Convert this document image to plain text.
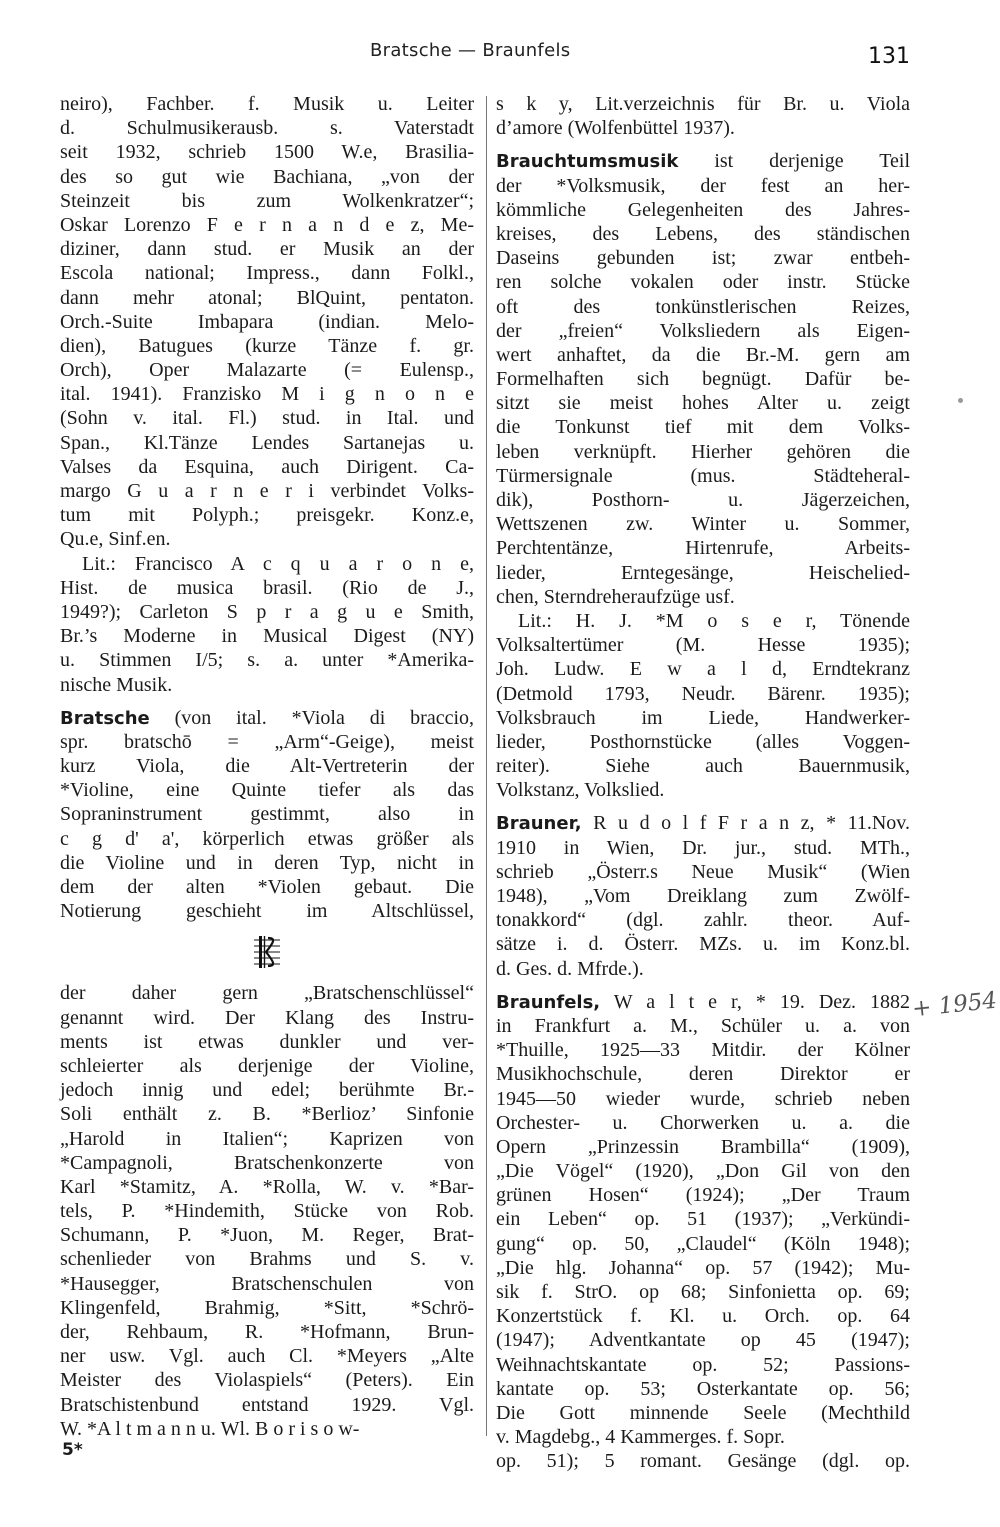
Bratsche — Braunfels	131
neiro), Fachber. f. Musik u. Leiter
d. Schulmusikerausb. s. Vaterstadt
seit 1932, schrieb 1500 W.e, Brasilia-
des so gut wie Bachiana, „von der
Steinzeit bis zum Wolkenkratzer“;
Oskar Lorenzo F e r n a n d e z, Me-
diziner, dann stud. er Musik an der
Escola national; Impress., dann Folkl.,
dann mehr atonal; BlQuint, pentaton.
Orch.-Suite Imbapara (indian. Melo-
dien), Batugues (kurze Tänze f. gr.
Orch), Oper Malazarte (= Eulensp.,
ital. 1941). Franzisko M i g n o n e
(Sohn v. ital. Fl.) stud. in Ital. und
Span., Kl.Tänze Lendes Sartanejas u.
Valses da Esquina, auch Dirigent. Ca-
margo G u a r n e r i verbindet Volks-
tum mit Polyph.; preisgekr. Konz.e,
Qu.e, Sinf.en.
Lit.: Francisco A c q u a r o n e,
Hist. de musica brasil. (Rio de J.,
1949?); Carleton S p r a g u e Smith,
Br.’s Moderne in Musical Digest (NY)
u. Stimmen I/5; s. a. unter *Amerika-
nische Musik.
Bratsche (von ital. *Viola di braccio,
spr. bratschō = „Arm“-Geige), meist
kurz Viola, die Alt-Vertreterin der
*Violine, eine Quinte tiefer als das
Sopraninstrument gestimmt, also in
c g d' a', körperlich etwas größer als
die Violine und in deren Typ, nicht in
dem der alten *Violen gebaut. Die
Notierung geschieht im Altschlüssel,
der daher gern „Bratschenschlüssel“
genannt wird. Der Klang des Instru-
ments ist etwas dunkler und ver-
schleierter als derjenige der Violine,
jedoch innig und edel; berühmte Br.-
Soli enthält z. B. *Berlioz’ Sinfonie
„Harold in Italien“; Kaprizen von
*Campagnoli, Bratschenkonzerte von
Karl *Stamitz, A. *Rolla, W. v. *Bar-
tels, P. *Hindemith, Stücke von Rob.
Schumann, P. *Juon, M. Reger, Brat-
schenlieder von Brahms und S. v.
*Hausegger, Bratschenschulen von
Klingenfeld, Brahmig, *Sitt, *Schrö-
der, Rehbaum, R. *Hofmann, Brun-
ner usw. Vgl. auch Cl. *Meyers „Alte
Meister des Violaspiels“ (Peters). Ein
Bratschistenbund entstand 1929. Vgl.
W. *A l t m a n n u. Wl. B o r i s o w-
s k y, Lit.verzeichnis für Br. u. Viola
d’amore (Wolfenbüttel 1937).
Brauchtumsmusik ist derjenige Teil
der *Volksmusik, der fest an her-
kömmliche Gelegenheiten des Jahres-
kreises, des Lebens, des ständischen
Daseins gebunden ist; zwar entbeh-
ren solche vokalen oder instr. Stücke
oft des tonkünstlerischen Reizes,
der „freien“ Volksliedern als Eigen-
wert anhaftet, da die Br.-M. gern am
Formelhaften sich begnügt. Dafür be-
sitzt sie meist hohes Alter u. zeigt
die Tonkunst tief mit dem Volks-
leben verknüpft. Hierher gehören die
Türmersignale (mus. Städteheral-
dik), Posthorn- u. Jägerzeichen,
Wettszenen zw. Winter u. Sommer,
Perchtentänze, Hirtenrufe, Arbeits-
lieder, Erntegesänge, Heischelied-
chen, Sterndreheraufzüge usf.
Lit.: H. J. *M o s e r, Tönende
Volksaltertümer (M. Hesse 1935);
Joh. Ludw. E w a l d, Erndtekranz
(Detmold 1793, Neudr. Bärenr. 1935);
Volksbrauch im Liede, Handwerker-
lieder, Posthornstücke (alles Voggen-
reiter). Siehe auch Bauernmusik,
Volkstanz, Volkslied.
Brauner, R u d o l f F r a n z, * 11.Nov.
1910 in Wien, Dr. jur., stud. MTh.,
schrieb „Österr.s Neue Musik“ (Wien
1948), „Vom Dreiklang zum Zwölf-
tonakkord“ (dgl. zahlr. theor. Auf-
sätze i. d. Österr. MZs. u. im Konz.bl.
d. Ges. d. Mfrde.).
Braunfels, W a l t e r, * 19. Dez. 1882
in Frankfurt a. M., Schüler u. a. von
*Thuille, 1925—33 Mitdir. der Kölner
Musikhochschule, deren Direktor er
1945—50 wieder wurde, schrieb neben
Orchester- u. Chorwerken u. a. die
Opern „Prinzessin Brambilla“ (1909),
„Die Vögel“ (1920), „Don Gil von den
grünen Hosen“ (1924); „Der Traum
ein Leben“ op. 51 (1937); „Verkündi-
gung“ op. 50, „Claudel“ (Köln 1948);
„Die hlg. Johanna“ op. 57 (1942); Mu-
sik f. StrO. op 68; Sinfonietta op. 69;
Konzertstück f. Kl. u. Orch. op. 64
(1947); Adventkantate op 45 (1947);
Weihnachtskantate op. 52; Passions-
kantate op. 53; Osterkantate op. 56;
Die Gott minnende Seele (Mechthild
v. Magdebg., 4 Kammerges. f. Sopr.
op. 51); 5 romant. Gesänge (dgl. op.
5*
+ 1954
